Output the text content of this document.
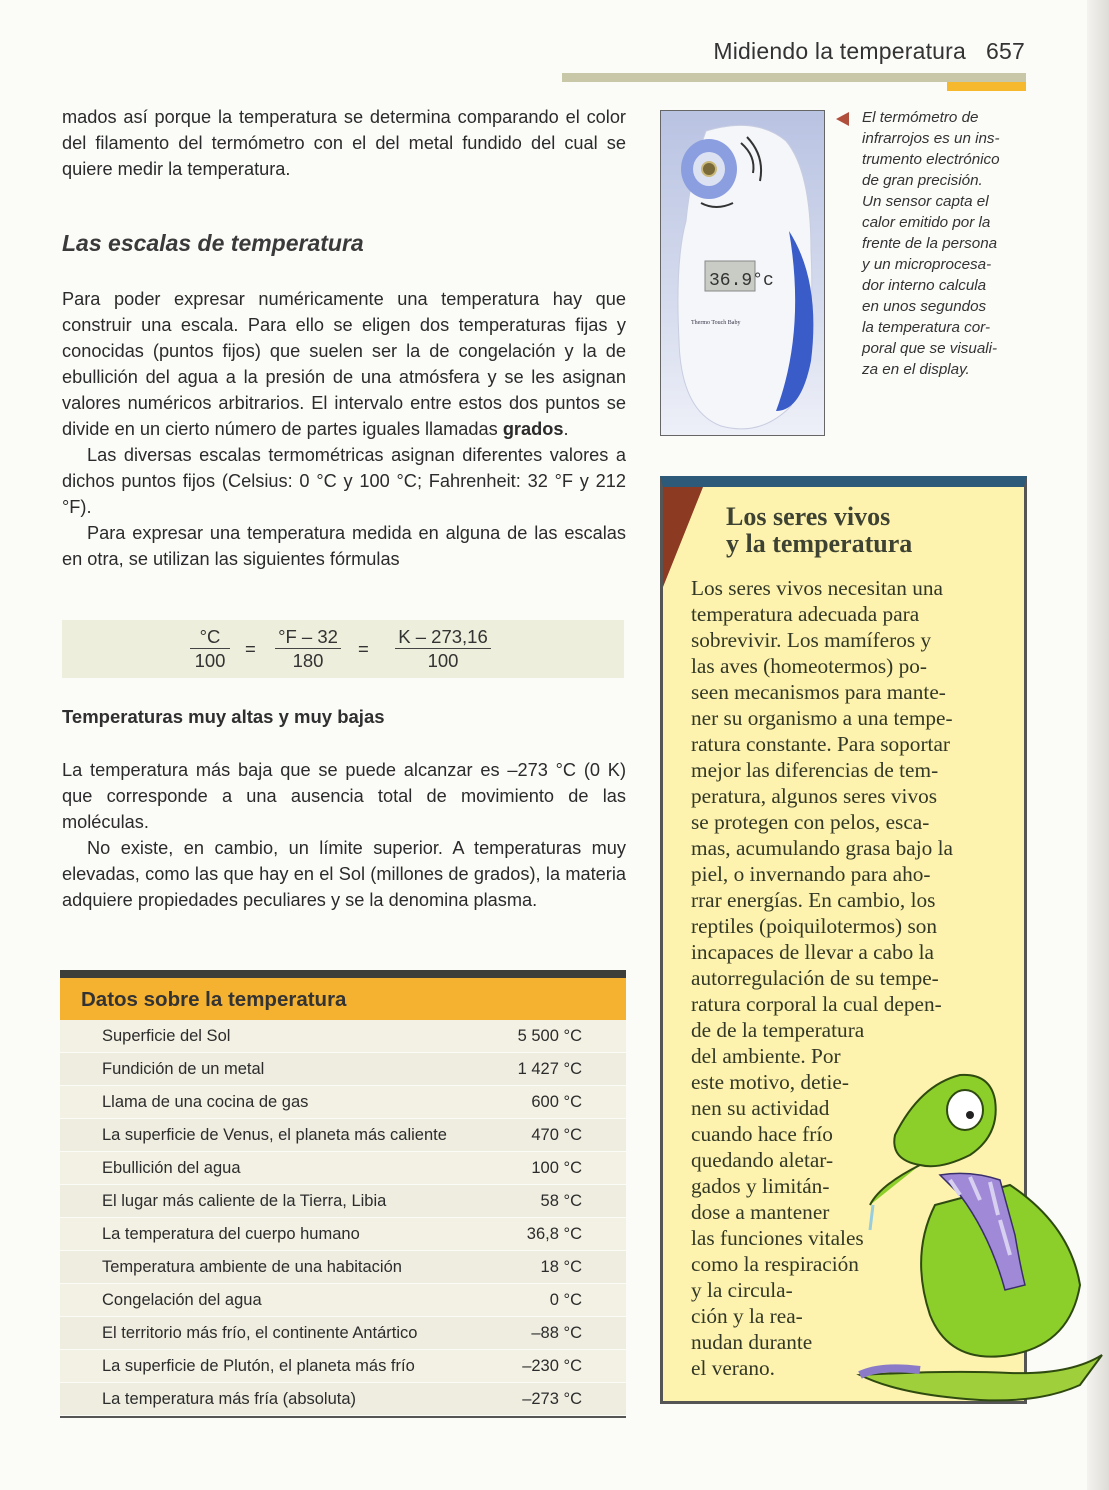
Midiendo la temperatura 657

mados así porque la temperatura se determina comparando el color del filamento del termómetro con el del metal fundido del cual se quiere medir la temperatura.

Las escalas de temperatura

Para poder expresar numéricamente una temperatura hay que construir una escala. Para ello se eligen dos temperaturas fijas y conocidas (puntos fijos) que suelen ser la de congelación y la de ebullición del agua a la presión de una atmósfera y se les asignan valores numéricos arbitrarios. El intervalo entre estos dos puntos se divide en un cierto número de partes iguales llamadas grados.

Las diversas escalas termométricas asignan diferentes valores a dichos puntos fijos (Celsius: 0 °C y 100 °C; Fahrenheit: 32 °F y 212 °F).

Para expresar una temperatura medida en alguna de las escalas en otra, se utilizan las siguientes fórmulas

$\frac{^\circ C}{100} = \frac{^\circ F - 32}{180} = \frac{K - 273,16}{100}$
Temperaturas muy altas y muy bajas

La temperatura más baja que se puede alcanzar es –273 °C (0 K) que corresponde a una ausencia total de movimiento de las moléculas.

No existe, en cambio, un límite superior. A temperaturas muy elevadas, como las que hay en el Sol (millones de grados), la materia adquiere propiedades peculiares y se la denomina plasma.

Datos sobre la temperatura
Superficie del Sol	5 500 °C
Fundición de un metal	1 427 °C
Llama de una cocina de gas	600 °C
La superficie de Venus, el planeta más caliente	470 °C
Ebullición del agua	100 °C
El lugar más caliente de la Tierra, Libia	58 °C
La temperatura del cuerpo humano	36,8 °C
Temperatura ambiente de una habitación	18 °C
Congelación del agua	0 °C
El territorio más frío, el continente Antártico	–88 °C
La superficie de Plutón, el planeta más frío	–230 °C
La temperatura más fría (absoluta)	–273 °C
36.9°c
Thermo Touch Baby
El termómetro de
infrarrojos es un ins-
trumento electrónico
de gran precisión.
Un sensor capta el
calor emitido por la
frente de la persona
y un microprocesa-
dor interno calcula
en unos segundos
la temperatura cor-
poral que se visuali-
za en el display.
Los seres vivos
y la temperatura
Los seres vivos necesitan una
temperatura adecuada para
sobrevivir. Los mamíferos y
las aves (homeotermos) po-
seen mecanismos para mante-
ner su organismo a una tempe-
ratura constante. Para soportar
mejor las diferencias de tem-
peratura, algunos seres vivos
se protegen con pelos, esca-
mas, acumulando grasa bajo la
piel, o invernando para aho-
rrar energías. En cambio, los
reptiles (poiquilotermos) son
incapaces de llevar a cabo la
autorregulación de su tempe-
ratura corporal la cual depen-
de de la temperatura
del ambiente. Por
este motivo, detie-
nen su actividad
cuando hace frío
quedando aletar-
gados y limitán-
dose a mantener
las funciones vitales
como la respiración
y la circula-
ción y la rea-
nudan durante
el verano.
